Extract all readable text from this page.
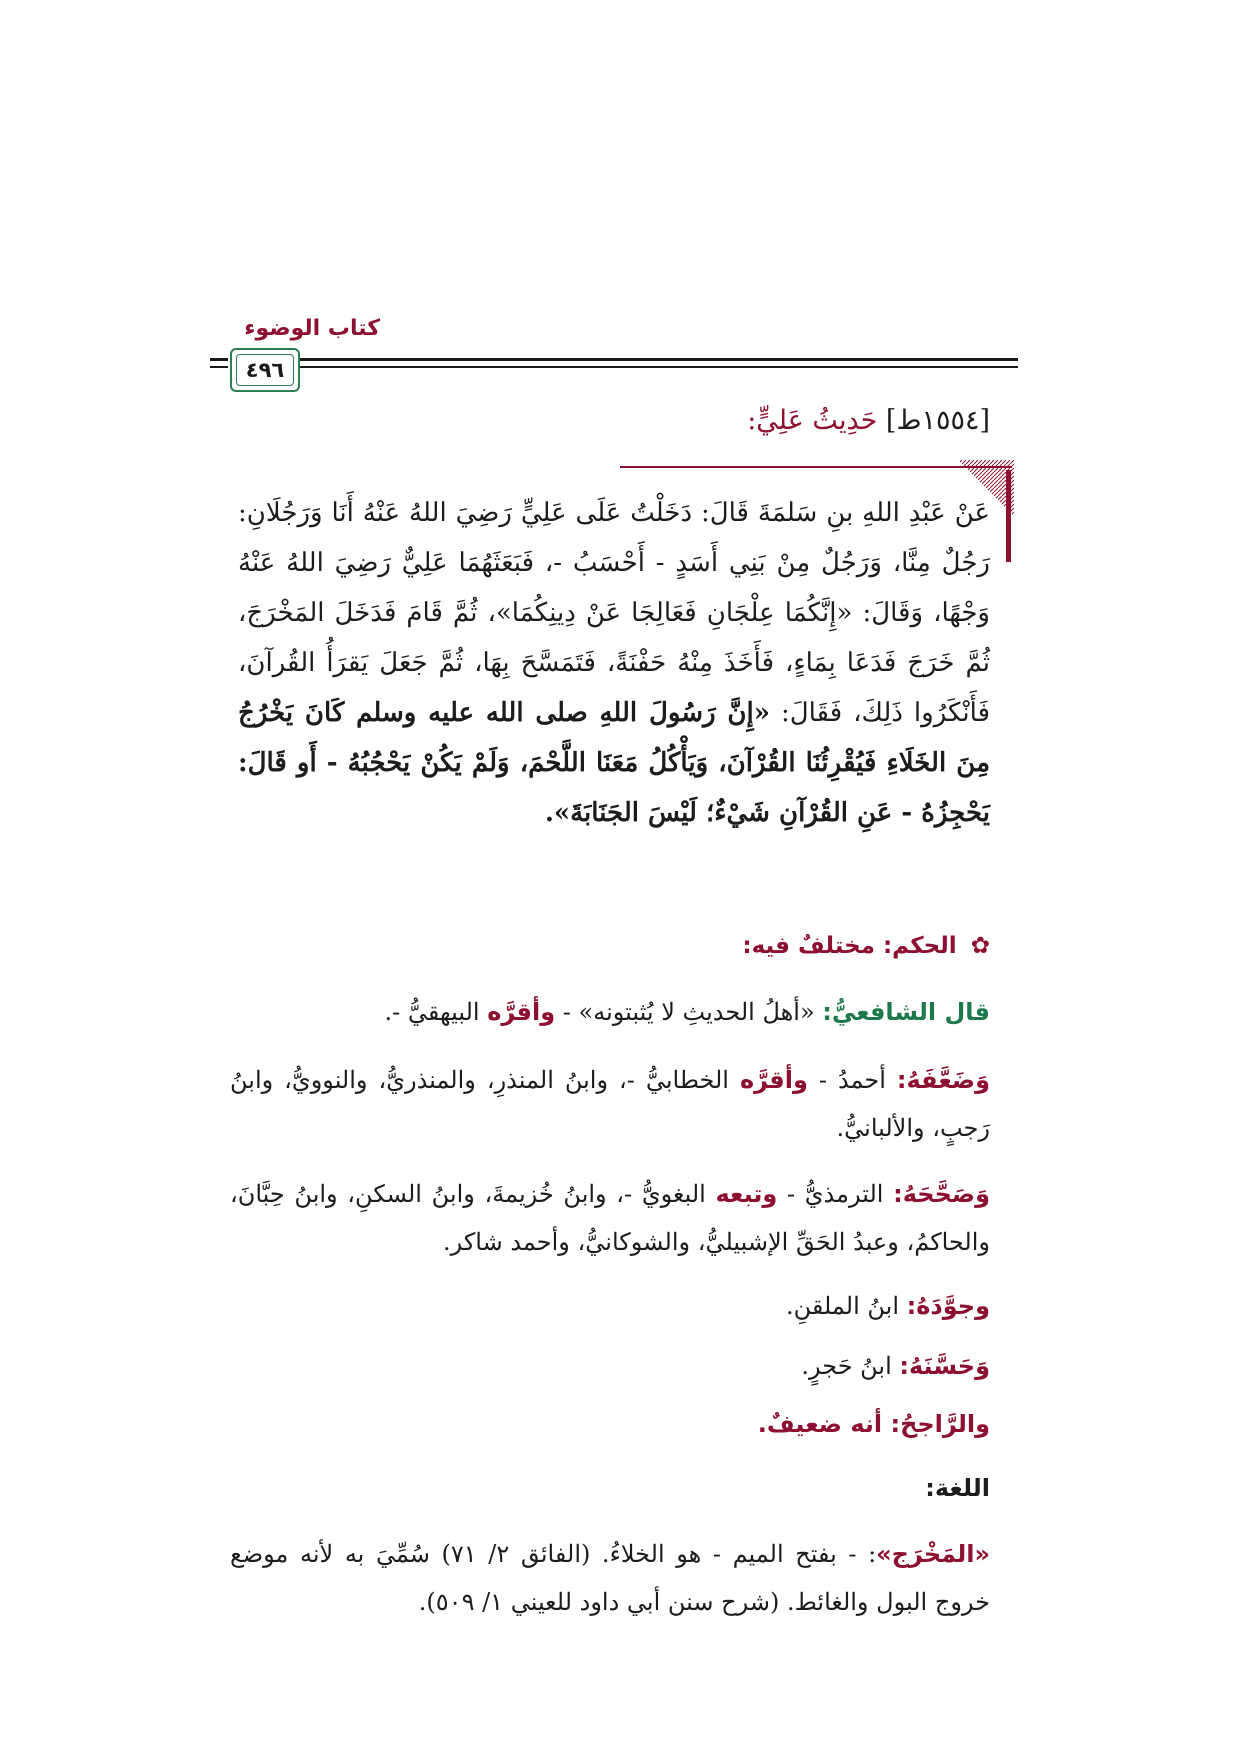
كتاب الوضوء
٤٩٦
[١٥٥٤ط] حَدِيثُ عَلِيٍّ:

عَنْ عَبْدِ اللهِ بنِ سَلمَةَ قَالَ: دَخَلْتُ عَلَى عَلِيٍّ رَضِيَ اللهُ عَنْهُ أَنَا وَرَجُلَانِ: رَجُلٌ مِنَّا، وَرَجُلٌ مِنْ بَنِي أَسَدٍ - أَحْسَبُ -، فَبَعَثَهُمَا عَلِيٌّ رَضِيَ اللهُ عَنْهُ وَجْهًا، وَقَالَ: «إِنَّكُمَا عِلْجَانِ فَعَالِجَا عَنْ دِينِكُمَا»، ثُمَّ قَامَ فَدَخَلَ المَخْرَجَ، ثُمَّ خَرَجَ فَدَعَا بِمَاءٍ، فَأَخَذَ مِنْهُ حَفْنَةً، فَتَمَسَّحَ بِهَا، ثُمَّ جَعَلَ يَقرَأُ القُرآنَ، فَأَنْكَرُوا ذَلِكَ، فَقَالَ: «إِنَّ رَسُولَ اللهِ صلى الله عليه وسلم كَانَ يَخْرُجُ مِنَ الخَلَاءِ فَيُقْرِئُنَا القُرْآنَ، وَيَأْكُلُ مَعَنَا اللَّحْمَ، وَلَمْ يَكُنْ يَحْجُبُهُ - أَو قَالَ: يَحْجِزُهُ - عَنِ القُرْآنِ شَيْءٌ؛ لَيْسَ الجَنَابَةَ».

✿ الحكم: مختلفٌ فيه:

قال الشافعيُّ: «أهلُ الحديثِ لا يُثبتونه» - وأقرَّه البيهقيُّ -.

وَضَعَّفَهُ: أحمدُ - وأقرَّه الخطابيُّ -، وابنُ المنذرِ، والمنذريُّ، والنوويُّ، وابنُ رَجبٍ، والألبانيُّ.

وَصَحَّحَهُ: الترمذيُّ - وتبعه البغويُّ -، وابنُ خُزيمةَ، وابنُ السكنِ، وابنُ حِبَّانَ، والحاكمُ، وعبدُ الحَقِّ الإشبيليُّ، والشوكانيُّ، وأحمد شاكر.

وجوَّدَهُ: ابنُ الملقنِ.

وَحَسَّنَهُ: ابنُ حَجرٍ.

والرَّاجحُ: أنه ضعيفٌ.

اللغة:

«المَخْرَج»: - بفتح الميم - هو الخلاءُ. (الفائق ٢/ ٧١) سُمِّيَ به لأنه موضع خروج البول والغائط. (شرح سنن أبي داود للعيني ١/ ٥٠٩).
